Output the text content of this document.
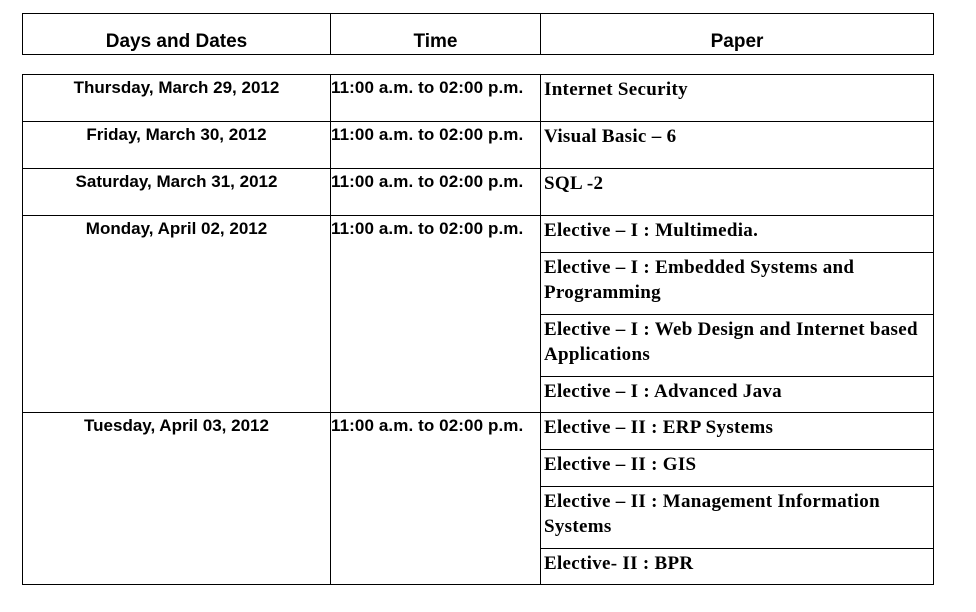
Days and Dates	Time	Paper
Thursday, March 29, 2012	11:00 a.m. to 02:00 p.m.	Internet Security
Friday, March 30, 2012	11:00 a.m. to 02:00 p.m.	Visual Basic – 6
Saturday, March 31, 2012	11:00 a.m. to 02:00 p.m.	SQL -2
Monday, April 02, 2012	11:00 a.m. to 02:00 p.m.	Elective – I : Multimedia.
		Elective – I : Embedded Systems and Programming
		Elective – I : Web Design and Internet based Applications
		Elective – I : Advanced Java
Tuesday, April 03, 2012	11:00 a.m. to 02:00 p.m.	Elective – II : ERP Systems
		Elective – II : GIS
		Elective – II : Management Information Systems
		Elective- II : BPR
